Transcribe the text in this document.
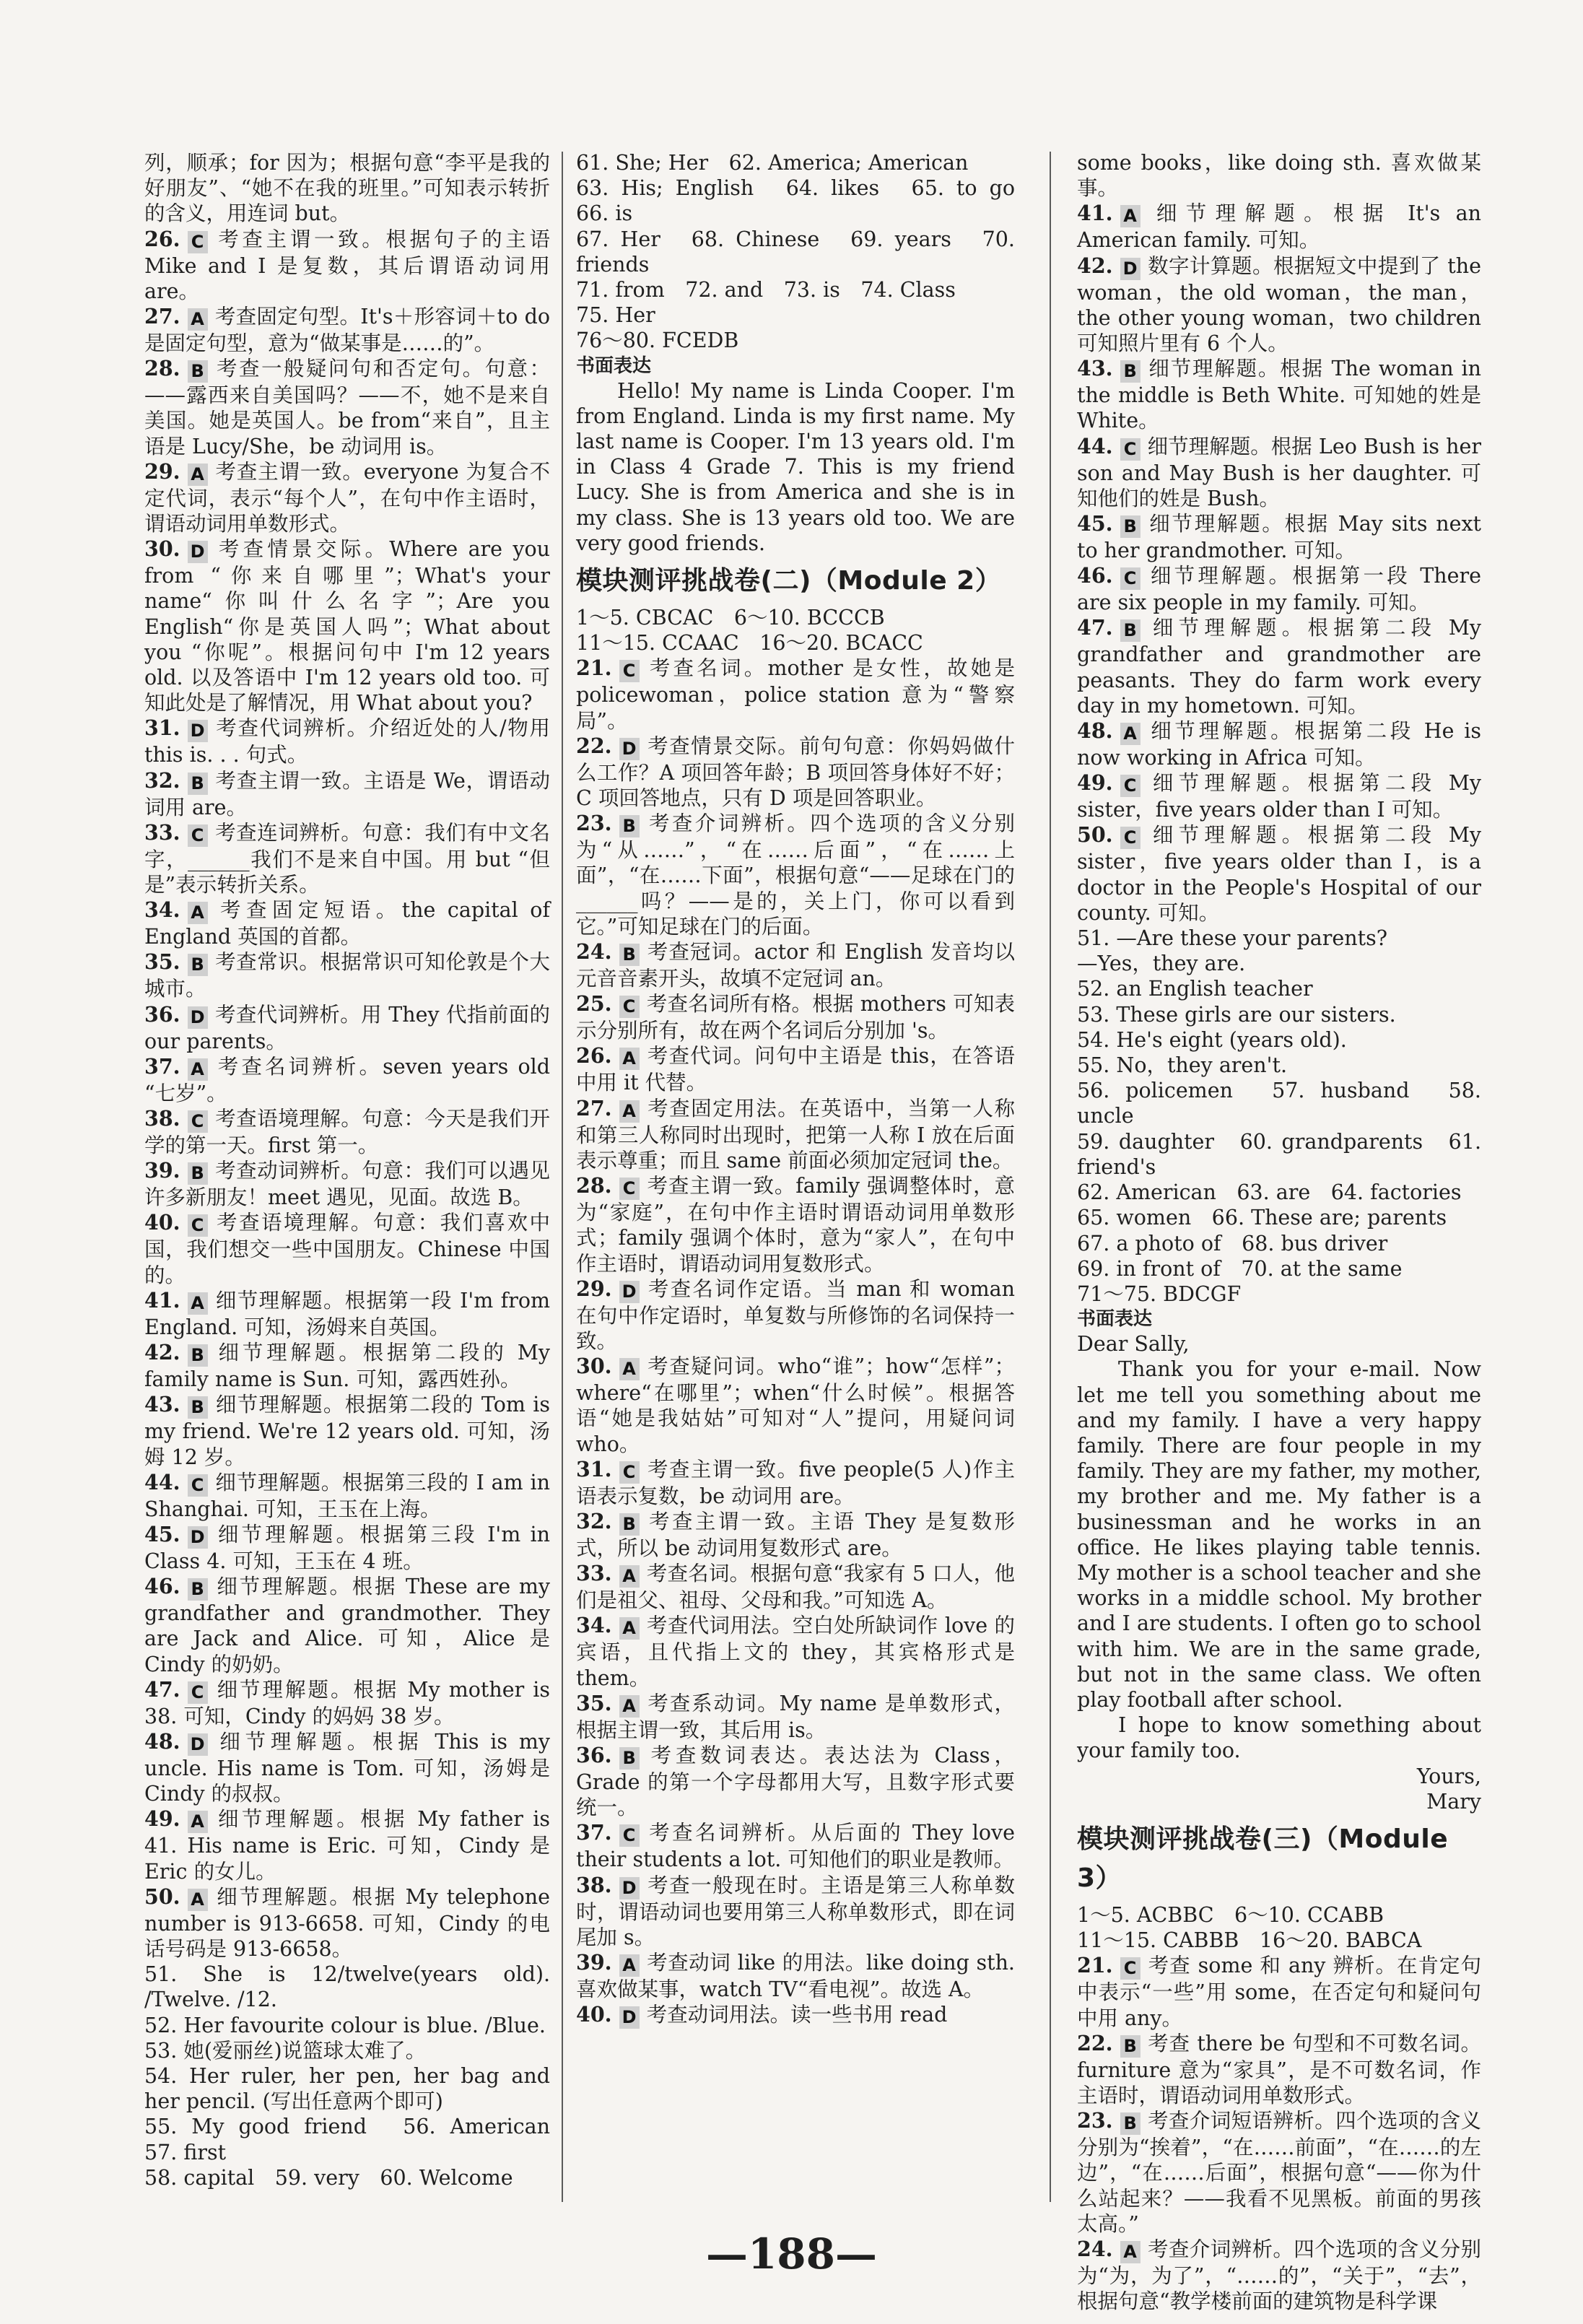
列，顺承；for 因为；根据句意“李平是我的好朋友”、“她不在我的班里。”可知表示转折的含义，用连词 but。

26. C 考查主谓一致。根据句子的主语 Mike and I 是复数，其后谓语动词用 are。

27. A 考查固定句型。It's＋形容词＋to do 是固定句型，意为“做某事是……的”。

28. B 考查一般疑问句和否定句。句意：——露西来自美国吗？——不，她不是来自美国。她是英国人。be from“来自”，且主语是 Lucy/She，be 动词用 is。

29. A 考查主谓一致。everyone 为复合不定代词，表示“每个人”，在句中作主语时，谓语动词用单数形式。

30. D 考查情景交际。Where are you from “你来自哪里”；What's your name“你叫什么名字”；Are you English“你是英国人吗”；What about you “你呢”。根据问句中 I'm 12 years old. 以及答语中 I'm 12 years old too. 可知此处是了解情况，用 What about you?

31. D 考查代词辨析。介绍近处的人/物用 this is. . . 句式。

32. B 考查主谓一致。主语是 We，谓语动词用 are。

33. C 考查连词辨析。句意：我们有中文名字，______我们不是来自中国。用 but “但是”表示转折关系。

34. A 考查固定短语。the capital of England 英国的首都。

35. B 考查常识。根据常识可知伦敦是个大城市。

36. D 考查代词辨析。用 They 代指前面的 our parents。

37. A 考查名词辨析。seven years old “七岁”。

38. C 考查语境理解。句意：今天是我们开学的第一天。first 第一。

39. B 考查动词辨析。句意：我们可以遇见许多新朋友！meet 遇见，见面。故选 B。

40. C 考查语境理解。句意：我们喜欢中国，我们想交一些中国朋友。Chinese 中国的。

41. A 细节理解题。根据第一段 I'm from England. 可知，汤姆来自英国。

42. B 细节理解题。根据第二段的 My family name is Sun. 可知，露西姓孙。

43. B 细节理解题。根据第二段的 Tom is my friend. We're 12 years old. 可知，汤姆 12 岁。

44. C 细节理解题。根据第三段的 I am in Shanghai. 可知，王玉在上海。

45. D 细节理解题。根据第三段 I'm in Class 4. 可知，王玉在 4 班。

46. B 细节理解题。根据 These are my grandfather and grandmother. They are Jack and Alice. 可知，Alice 是 Cindy 的奶奶。

47. C 细节理解题。根据 My mother is 38. 可知，Cindy 的妈妈 38 岁。

48. D 细节理解题。根据 This is my uncle. His name is Tom. 可知，汤姆是 Cindy 的叔叔。

49. A 细节理解题。根据 My father is 41. His name is Eric. 可知，Cindy 是 Eric 的女儿。

50. A 细节理解题。根据 My telephone number is 913-6658. 可知，Cindy 的电话号码是 913-6658。

51. She is 12/twelve(years old). /Twelve. /12.

52. Her favourite colour is blue. /Blue.

53. 她(爱丽丝)说篮球太难了。

54. Her ruler, her pen, her bag and her pencil. (写出任意两个即可)

55. My good friend　56. American　57. first

58. capital　59. very　60. Welcome

61. She; Her　62. America; American

63. His; English　64. likes　65. to go　66. is

67. Her　68. Chinese　69. years　70. friends

71. from　72. and　73. is　74. Class

75. Her

76～80. FCEDB

书面表达

Hello! My name is Linda Cooper. I'm from England. Linda is my first name. My last name is Cooper. I'm 13 years old. I'm in Class 4 Grade 7. This is my friend Lucy. She is from America and she is in my class. She is 13 years old too. We are very good friends.

模块测评挑战卷(二)（Module 2）

1～5. CBCAC　6～10. BCCCB

11～15. CCAAC　16～20. BCACC

21. C 考查名词。mother 是女性，故她是 policewoman，police station 意为“警察局”。

22. D 考查情景交际。前句句意：你妈妈做什么工作？A 项回答年龄；B 项回答身体好不好；C 项回答地点，只有 D 项是回答职业。

23. B 考查介词辨析。四个选项的含义分别为“从……”，“在……后面”，“在……上面”，“在……下面”，根据句意“——足球在门的______吗？——是的，关上门，你可以看到它。”可知足球在门的后面。

24. B 考查冠词。actor 和 English 发音均以元音音素开头，故填不定冠词 an。

25. C 考查名词所有格。根据 mothers 可知表示分别所有，故在两个名词后分别加 's。

26. A 考查代词。问句中主语是 this，在答语中用 it 代替。

27. A 考查固定用法。在英语中，当第一人称和第三人称同时出现时，把第一人称 I 放在后面表示尊重；而且 same 前面必须加定冠词 the。

28. C 考查主谓一致。family 强调整体时，意为“家庭”，在句中作主语时谓语动词用单数形式；family 强调个体时，意为“家人”，在句中作主语时，谓语动词用复数形式。

29. D 考查名词作定语。当 man 和 woman 在句中作定语时，单复数与所修饰的名词保持一致。

30. A 考查疑问词。who“谁”；how“怎样”；where“在哪里”；when“什么时候”。根据答语“她是我姑姑”可知对“人”提问，用疑问词 who。

31. C 考查主谓一致。five people(5 人)作主语表示复数，be 动词用 are。

32. B 考查主谓一致。主语 They 是复数形式，所以 be 动词用复数形式 are。

33. A 考查名词。根据句意“我家有 5 口人，他们是祖父、祖母、父母和我。”可知选 A。

34. A 考查代词用法。空白处所缺词作 love 的宾语，且代指上文的 they，其宾格形式是 them。

35. A 考查系动词。My name 是单数形式，根据主谓一致，其后用 is。

36. B 考查数词表达。表达法为 Class，Grade 的第一个字母都用大写，且数字形式要统一。

37. C 考查名词辨析。从后面的 They love their students a lot. 可知他们的职业是教师。

38. D 考查一般现在时。主语是第三人称单数时，谓语动词也要用第三人称单数形式，即在词尾加 s。

39. A 考查动词 like 的用法。like doing sth. 喜欢做某事，watch TV“看电视”。故选 A。

40. D 考查动词用法。读一些书用 read

some books，like doing sth. 喜欢做某事。

41. A 细节理解题。根据 It's an American family. 可知。

42. D 数字计算题。根据短文中提到了 the woman，the old woman，the man，the other young woman，two children 可知照片里有 6 个人。

43. B 细节理解题。根据 The woman in the middle is Beth White. 可知她的姓是 White。

44. C 细节理解题。根据 Leo Bush is her son and May Bush is her daughter. 可知他们的姓是 Bush。

45. B 细节理解题。根据 May sits next to her grandmother. 可知。

46. C 细节理解题。根据第一段 There are six people in my family. 可知。

47. B 细节理解题。根据第二段 My grandfather and grandmother are peasants. They do farm work every day in my hometown. 可知。

48. A 细节理解题。根据第二段 He is now working in Africa 可知。

49. C 细节理解题。根据第二段 My sister，five years older than I 可知。

50. C 细节理解题。根据第二段 My sister，five years older than I，is a doctor in the People's Hospital of our county. 可知。

51. —Are these your parents?

—Yes，they are.

52. an English teacher

53. These girls are our sisters.

54. He's eight (years old).

55. No，they aren't.

56. policemen　57. husband　58. uncle

59. daughter　60. grandparents　61. friend's

62. American　63. are　64. factories

65. women　66. These are; parents

67. a photo of　68. bus driver

69. in front of　70. at the same

71～75. BDCGF

书面表达

Dear Sally,

Thank you for your e-mail. Now let me tell you something about me and my family. I have a very happy family. There are four people in my family. They are my father, my mother, my brother and me. My father is a businessman and he works in an office. He likes playing table tennis. My mother is a school teacher and she works in a middle school. My brother and I are students. I often go to school with him. We are in the same grade, but not in the same class. We often play football after school.

I hope to know something about your family too.

Yours,

Mary

模块测评挑战卷(三)（Module 3）

1～5. ACBBC　6～10. CCABB

11～15. CABBB　16～20. BABCA

21. C 考查 some 和 any 辨析。在肯定句中表示“一些”用 some，在否定句和疑问句中用 any。

22. B 考查 there be 句型和不可数名词。furniture 意为“家具”，是不可数名词，作主语时，谓语动词用单数形式。

23. B 考查介词短语辨析。四个选项的含义分别为“挨着”，“在……前面”，“在……的左边”，“在……后面”，根据句意“——你为什么站起来？——我看不见黑板。前面的男孩太高。”

24. A 考查介词辨析。四个选项的含义分别为“为，为了”，“……的”，“关于”，“去”，根据句意“教学楼前面的建筑物是科学课

—188—
